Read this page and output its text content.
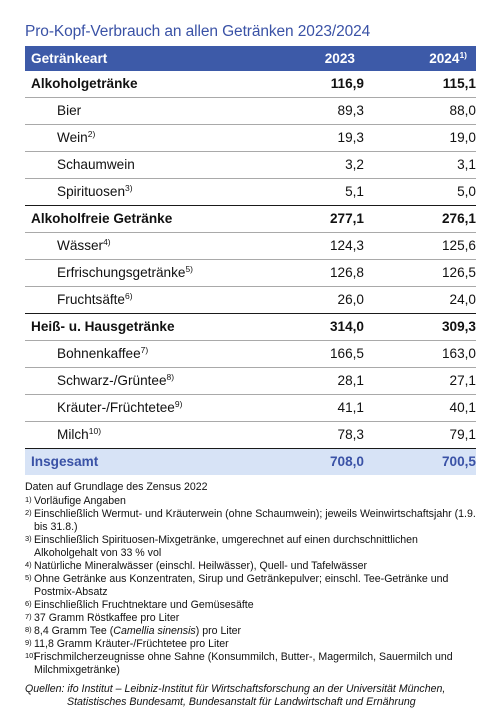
Pro-Kopf-Verbrauch an allen Getränken 2023/2024
Getränkeart	2023	2024$^{1)}$
Alkoholgetränke	116,9	115,1
Bier	89,3	88,0
Wein$^{2)}$	19,3	19,0
Schaumwein	3,2	3,1
Spirituosen$^{3)}$	5,1	5,0
Alkoholfreie Getränke	277,1	276,1
Wässer$^{4)}$	124,3	125,6
Erfrischungsgetränke$^{5)}$	126,8	126,5
Fruchtsäfte$^{6)}$	26,0	24,0
Heiß- u. Hausgetränke	314,0	309,3
Bohnenkaffee$^{7)}$	166,5	163,0
Schwarz-/Grüntee$^{8)}$	28,1	27,1
Kräuter-/Früchtetee$^{9)}$	41,1	40,1
Milch$^{10)}$	78,3	79,1
Insgesamt	708,0	700,5
Daten auf Grundlage des Zensus 2022
1) Vorläufige Angaben
2) Einschließlich Wermut- und Kräuterwein (ohne Schaumwein); jeweils Weinwirtschaftsjahr (1.9. bis 31.8.)
3) Einschließlich Spirituosen-Mixgetränke, umgerechnet auf einen durchschnittlichen Alkoholgehalt von 33 % vol
4) Natürliche Mineralwässer (einschl. Heilwässer), Quell- und Tafelwässer
5) Ohne Getränke aus Konzentraten, Sirup und Getränkepulver; einschl. Tee-Getränke und Postmix-Absatz
6) Einschließlich Fruchtnektare und Gemüsesäfte
7) 37 Gramm Röstkaffee pro Liter
8) 8,4 Gramm Tee (Camellia sinensis) pro Liter
9) 11,8 Gramm Kräuter-/Früchtetee pro Liter
10)
Frischmilcherzeugnisse ohne Sahne (Konsummilch, Butter-, Magermilch, Sauermilch und Milchmixgetränke)
Quellen: ifo Institut – Leibniz-Institut für Wirtschaftsforschung an der Universität München,
Statistisches Bundesamt, Bundesanstalt für Landwirtschaft und Ernährung
